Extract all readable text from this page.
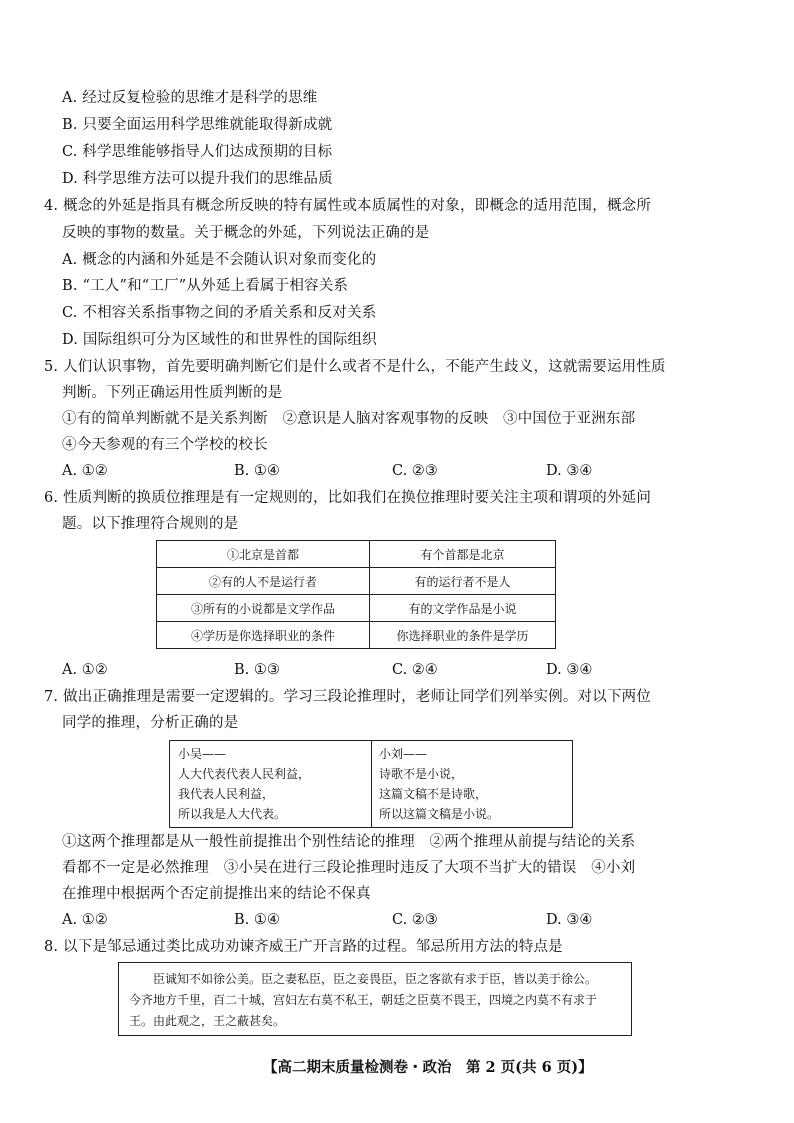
A. 经过反复检验的思维才是科学的思维
B. 只要全面运用科学思维就能取得新成就
C. 科学思维能够指导人们达成预期的目标
D. 科学思维方法可以提升我们的思维品质
4. 概念的外延是指具有概念所反映的特有属性或本质属性的对象，即概念的适用范围，概念所
反映的事物的数量。关于概念的外延，下列说法正确的是
A. 概念的内涵和外延是不会随认识对象而变化的
B. “工人”和“工厂”从外延上看属于相容关系
C. 不相容关系指事物之间的矛盾关系和反对关系
D. 国际组织可分为区域性的和世界性的国际组织
5. 人们认识事物，首先要明确判断它们是什么或者不是什么，不能产生歧义，这就需要运用性质
判断。下列正确运用性质判断的是
①有的简单判断就不是关系判断　②意识是人脑对客观事物的反映　③中国位于亚洲东部
④今天参观的有三个学校的校长
A. ①②	B. ①④	C. ②③	D. ③④
6. 性质判断的换质位推理是有一定规则的，比如我们在换位推理时要关注主项和谓项的外延问
题。以下推理符合规则的是
①北京是首都	有个首都是北京
②有的人不是运行者	有的运行者不是人
③所有的小说都是文学作品	有的文学作品是小说
④学历是你选择职业的条件	你选择职业的条件是学历
A. ①②	B. ①③	C. ②④	D. ③④
7. 做出正确推理是需要一定逻辑的。学习三段论推理时，老师让同学们列举实例。对以下两位
同学的推理，分析正确的是
小吴——
人大代表代表人民利益，
我代表人民利益，
所以我是人大代表。
小刘——
诗歌不是小说，
这篇文稿不是诗歌，
所以这篇文稿是小说。
①这两个推理都是从一般性前提推出个别性结论的推理　②两个推理从前提与结论的关系
看都不一定是必然推理　③小吴在进行三段论推理时违反了大项不当扩大的错误　④小刘
在推理中根据两个否定前提推出来的结论不保真
A. ①②	B. ①④	C. ②③	D. ③④
8. 以下是邹忌通过类比成功劝谏齐威王广开言路的过程。邹忌所用方法的特点是
臣诚知不如徐公美。臣之妻私臣，臣之妾畏臣，臣之客欲有求于臣，皆以美于徐公。
今齐地方千里，百二十城，宫妇左右莫不私王，朝廷之臣莫不畏王，四境之内莫不有求于
王。由此观之，王之蔽甚矣。
【高二期末质量检测卷・政治　第 2 页(共 6 页)】
